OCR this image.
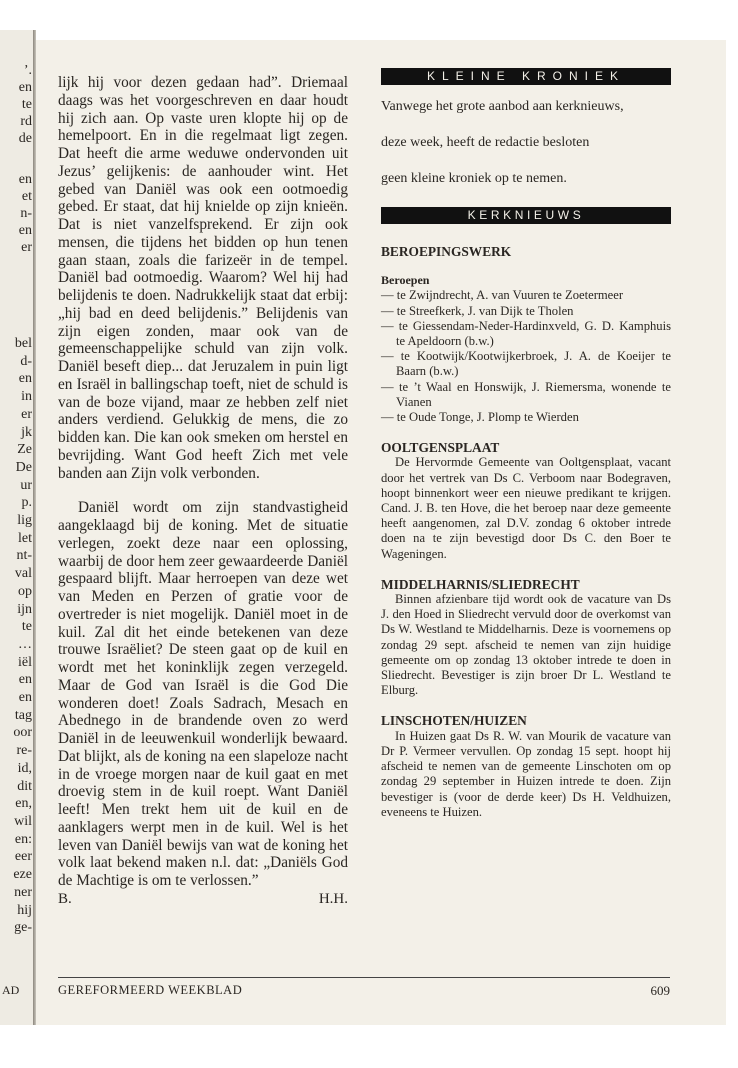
’.
en
te
rd
de
en
et
n-
en
er
bel
d-
en
in
er
jk
Ze
De
ur
p.
lig
let
nt-
val
op
ijn
te
…
iël
en
en
tag
oor
re-
id,
dit
en,
wil
en:
eer
eze
ner
hij
ge-
AD

lijk hij voor dezen gedaan had”. Driemaal daags was het voorgeschreven en daar houdt hij zich aan. Op vaste uren klopte hij op de hemelpoort. En in die regelmaat ligt zegen. Dat heeft die arme weduwe ondervonden uit Jezus’ gelijkenis: de aanhouder wint. Het gebed van Daniël was ook een ootmoedig gebed. Er staat, dat hij knielde op zijn knieën. Dat is niet vanzelfsprekend. Er zijn ook mensen, die tijdens het bidden op hun tenen gaan staan, zoals die farizeër in de tempel. Daniël bad ootmoedig. Waarom? Wel hij had belijdenis te doen. Nadrukkelijk staat dat erbij: „hij bad en deed belijdenis.” Belijdenis van zijn eigen zonden, maar ook van de gemeenschappelijke schuld van zijn volk. Daniël beseft diep... dat Jeruzalem in puin ligt en Israël in ballingschap toeft, niet de schuld is van de boze vijand, maar ze hebben zelf niet anders verdiend. Gelukkig de mens, die zo bidden kan. Die kan ook smeken om herstel en bevrijding. Want God heeft Zich met vele banden aan Zijn volk verbonden.

Daniël wordt om zijn standvastigheid aangeklaagd bij de koning. Met de situatie verlegen, zoekt deze naar een oplossing, waarbij de door hem zeer gewaardeerde Daniël gespaard blijft. Maar herroepen van deze wet van Meden en Perzen of gratie voor de overtreder is niet mogelijk. Daniël moet in de kuil. Zal dit het einde betekenen van deze trouwe Israëliet? De steen gaat op de kuil en wordt met het koninklijk zegen verzegeld. Maar de God van Israël is die God Die wonderen doet! Zoals Sadrach, Mesach en Abednego in de brandende oven zo werd Daniël in de leeuwenkuil wonderlijk bewaard. Dat blijkt, als de koning na een slapeloze nacht in de vroege morgen naar de kuil gaat en met droevig stem in de kuil roept. Want Daniël leeft! Men trekt hem uit de kuil en de aanklagers werpt men in de kuil. Wel is het leven van Daniël bewijs van wat de koning het volk laat bekend maken n.l. dat: „Daniëls God de Machtige is om te verlossen.”

B.	H.H.
KLEINE KRONIEK
Vanwege het grote aanbod aan kerknieuws,
deze week, heeft de redactie besloten
geen kleine kroniek op te nemen.
KERKNIEUWS
BEROEPINGSWERK
Beroepen
— te Zwijndrecht, A. van Vuuren te Zoetermeer
— te Streefkerk, J. van Dijk te Tholen
— te Giessendam-Neder-Hardinxveld, G. D. Kamphuis te Apeldoorn (b.w.)
— te Kootwijk/Kootwijkerbroek, J. A. de Koeijer te Baarn (b.w.)
— te ’t Waal en Honswijk, J. Riemersma, wonende te Vianen
— te Oude Tonge, J. Plomp te Wierden
OOLTGENSPLAAT

De Hervormde Gemeente van Ooltgensplaat, vacant door het vertrek van Ds C. Verboom naar Bodegraven, hoopt binnenkort weer een nieuwe predikant te krijgen. Cand. J. B. ten Hove, die het beroep naar deze gemeente heeft aangenomen, zal D.V. zondag 6 oktober intrede doen na te zijn bevestigd door Ds C. den Boer te Wageningen.

MIDDELHARNIS/SLIEDRECHT

Binnen afzienbare tijd wordt ook de vacature van Ds J. den Hoed in Sliedrecht vervuld door de overkomst van Ds W. Westland te Middelharnis. Deze is voornemens op zondag 29 sept. afscheid te nemen van zijn huidige gemeente om op zondag 13 oktober intrede te doen in Sliedrecht. Bevestiger is zijn broer Dr L. Westland te Elburg.

LINSCHOTEN/HUIZEN

In Huizen gaat Ds R. W. van Mourik de vacature van Dr P. Vermeer vervullen. Op zondag 15 sept. hoopt hij afscheid te nemen van de gemeente Linschoten om op zondag 29 september in Huizen intrede te doen. Zijn bevestiger is (voor de derde keer) Ds H. Veldhuizen, eveneens te Huizen.

GEREFORMEERD WEEKBLAD	609
